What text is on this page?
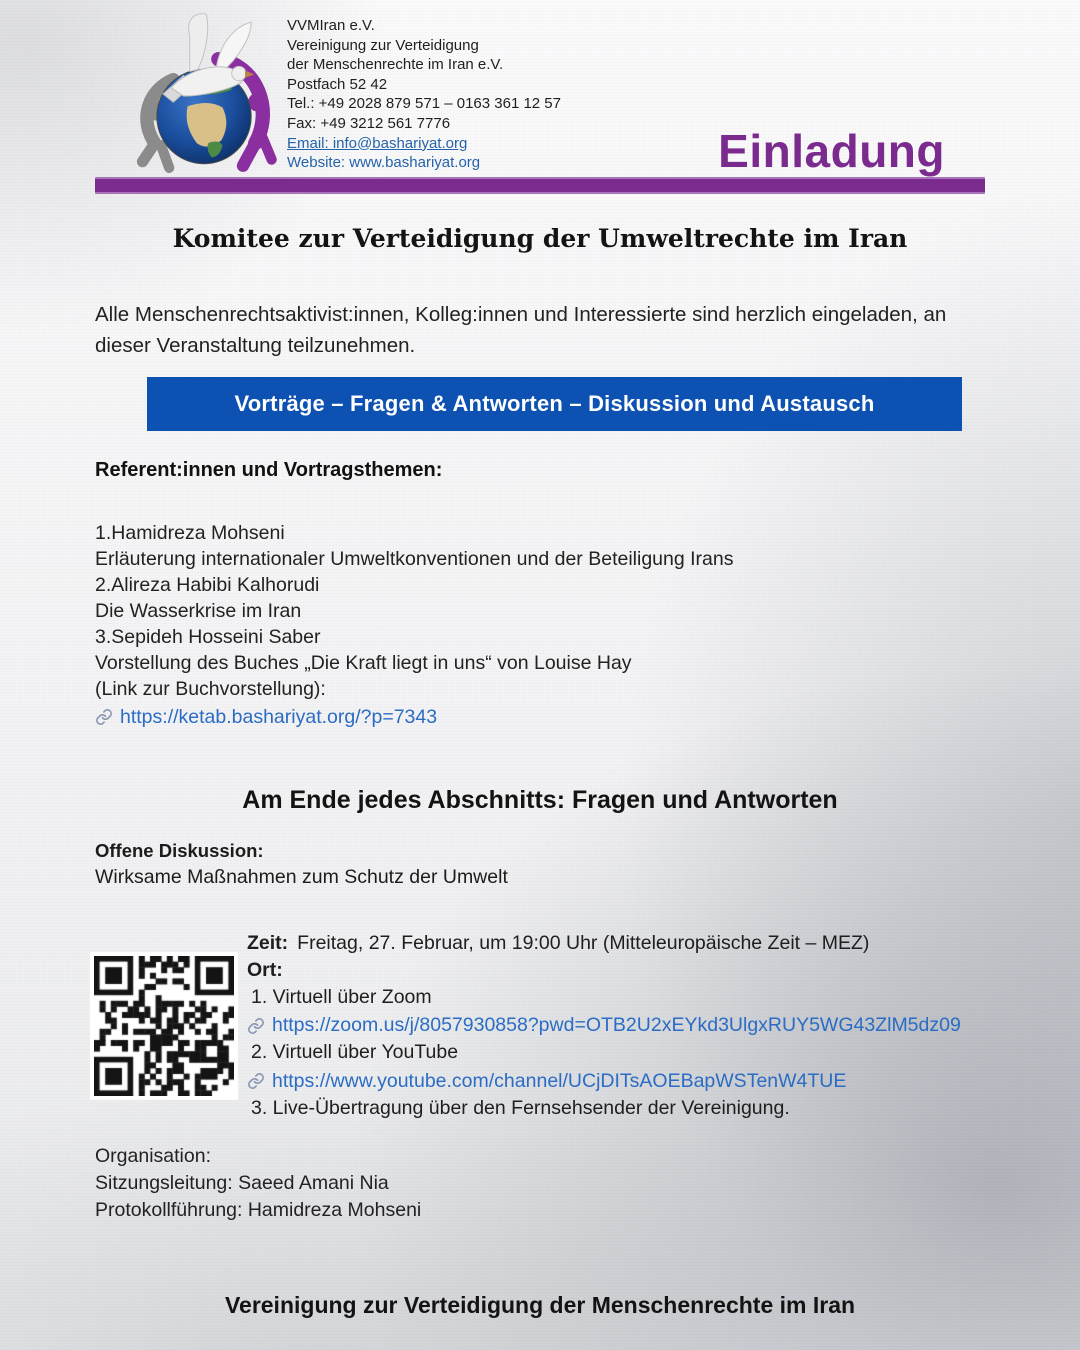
VVMIran e.V.
Vereinigung zur Verteidigung
der Menschenrechte im Iran e.V.
Postfach 52 42
Tel.: +49 2028 879 571 – 0163 361 12 57
Fax: +49 3212 561 7776
Email: info@bashariyat.org
Website: www.bashariyat.org	Einladung
Komitee zur Verteidigung der Umweltrechte im Iran
Alle Menschenrechtsaktivist:innen, Kolleg:innen und Interessierte sind herzlich eingeladen, an dieser Veranstaltung teilzunehmen.
Vorträge – Fragen & Antworten – Diskussion und Austausch
Referent:innen und Vortragsthemen:
1.Hamidreza Mohseni
Erläuterung internationaler Umweltkonventionen und der Beteiligung Irans
2.Alireza Habibi Kalhorudi
Die Wasserkrise im Iran
3.Sepideh Hosseini Saber
Vorstellung des Buches „Die Kraft liegt in uns“ von Louise Hay
(Link zur Buchvorstellung):
https://ketab.bashariyat.org/?p=7343
Am Ende jedes Abschnitts: Fragen und Antworten
Offene Diskussion:
Wirksame Maßnahmen zum Schutz der Umwelt
Zeit: Freitag, 27. Februar, um 19:00 Uhr (Mitteleuropäische Zeit – MEZ)
Ort:
1. Virtuell über Zoom
https://zoom.us/j/8057930858?pwd=OTB2U2xEYkd3UlgxRUY5WG43ZlM5dz09
2. Virtuell über YouTube
https://www.youtube.com/channel/UCjDITsAOEBapWSTenW4TUE
3. Live-Übertragung über den Fernsehsender der Vereinigung.
Organisation:
Sitzungsleitung: Saeed Amani Nia
Protokollführung: Hamidreza Mohseni
Vereinigung zur Verteidigung der Menschenrechte im Iran
